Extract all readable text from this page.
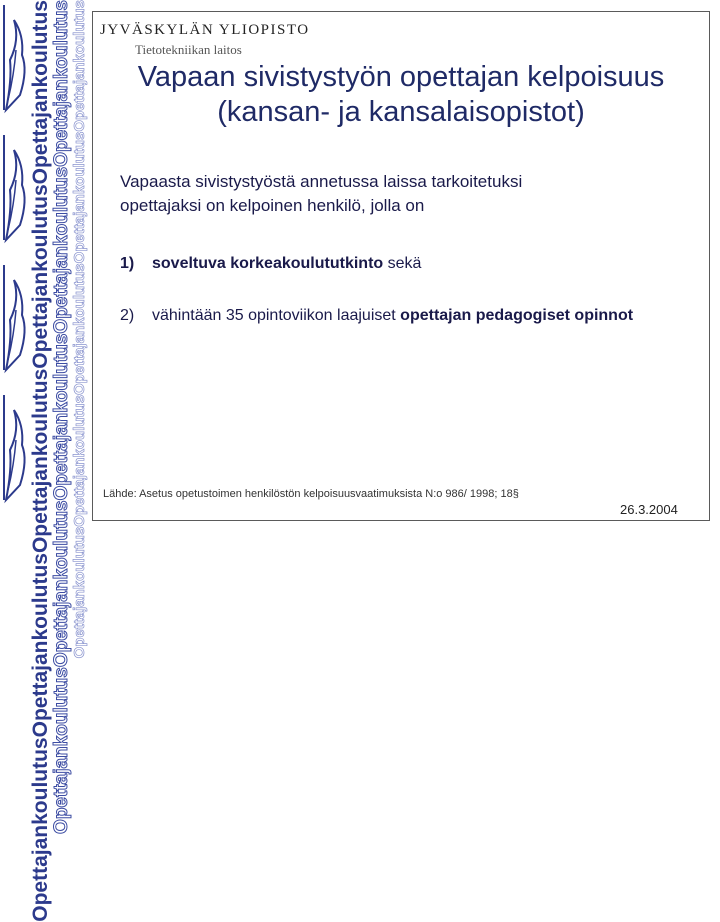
OpettajankoulutusOpettajankoulutusOpettajankoulutusOpettajankoulutusOpettajankoulutus OpettajankoulutusOpettajankoulutusOpettajankoulutusOpettajankoulutusOpettajankoulutus OpettajankoulutusOpettajankoulutusOpettajankoulutusOpettajankoulutusOpettajankoulutus JYVÄSKYLÄN YLIOPISTO
Tietotekniikan laitos
Vapaan sivistystyön opettajan kelpoisuus
(kansan- ja kansalaisopistot)
Vapaasta sivistystyöstä annetussa laissa tarkoitetuksi
opettajaksi on kelpoinen henkilö, jolla on
1) soveltuva korkeakoulututkinto sekä
2) vähintään 35 opintoviikon laajuiset opettajan pedagogiset opinnot
Lähde: Asetus opetustoimen henkilöstön kelpoisuusvaatimuksista N:o 986/ 1998; 18§
26.3.2004
